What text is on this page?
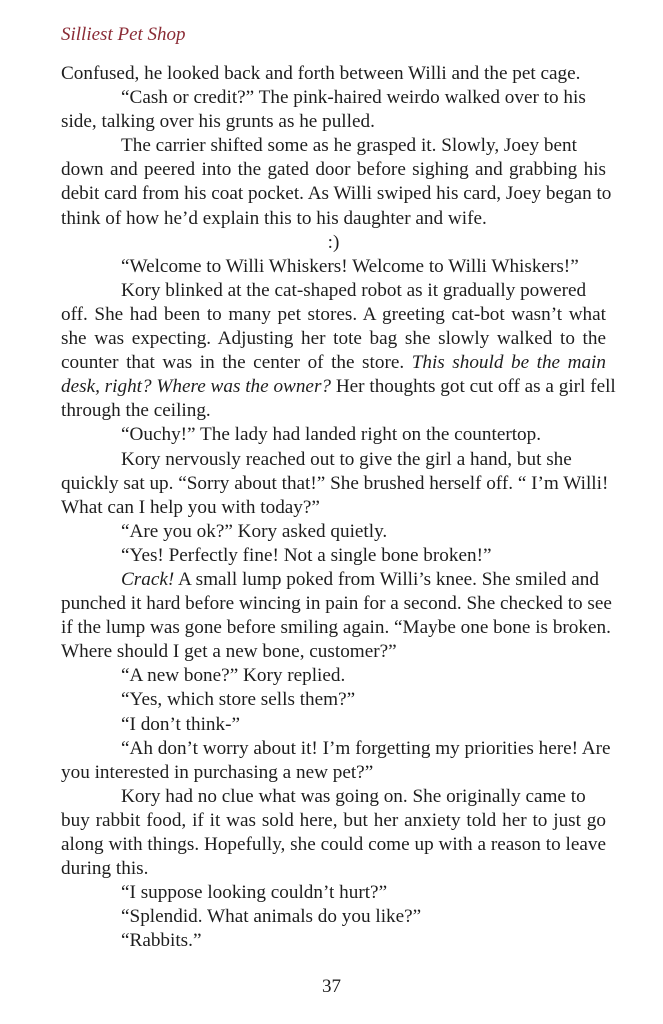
Silliest Pet Shop
Confused, he looked back and forth between Willi and the pet cage.
“Cash or credit?” The pink-haired weirdo walked over to his
side, talking over his grunts as he pulled.
The carrier shifted some as he grasped it. Slowly, Joey bent
down and peered into the gated door before sighing and grabbing his
debit card from his coat pocket. As Willi swiped his card, Joey began to
think of how he’d explain this to his daughter and wife.
:)
“Welcome to Willi Whiskers! Welcome to Willi Whiskers!”
Kory blinked at the cat-shaped robot as it gradually powered
off. She had been to many pet stores. A greeting cat-bot wasn’t what
she was expecting. Adjusting her tote bag she slowly walked to the
counter that was in the center of the store. This should be the main
desk, right? Where was the owner? Her thoughts got cut off as a girl fell
through the ceiling.
“Ouchy!” The lady had landed right on the countertop.
Kory nervously reached out to give the girl a hand, but she
quickly sat up. “Sorry about that!” She brushed herself off. “ I’m Willi!
What can I help you with today?”
“Are you ok?” Kory asked quietly.
“Yes! Perfectly fine! Not a single bone broken!”
Crack! A small lump poked from Willi’s knee. She smiled and
punched it hard before wincing in pain for a second. She checked to see
if the lump was gone before smiling again. “Maybe one bone is broken.
Where should I get a new bone, customer?”
“A new bone?” Kory replied.
“Yes, which store sells them?”
“I don’t think-”
“Ah don’t worry about it! I’m forgetting my priorities here! Are
you interested in purchasing a new pet?”
Kory had no clue what was going on. She originally came to
buy rabbit food, if it was sold here, but her anxiety told her to just go
along with things. Hopefully, she could come up with a reason to leave
during this.
“I suppose looking couldn’t hurt?”
“Splendid. What animals do you like?”
“Rabbits.”
37
